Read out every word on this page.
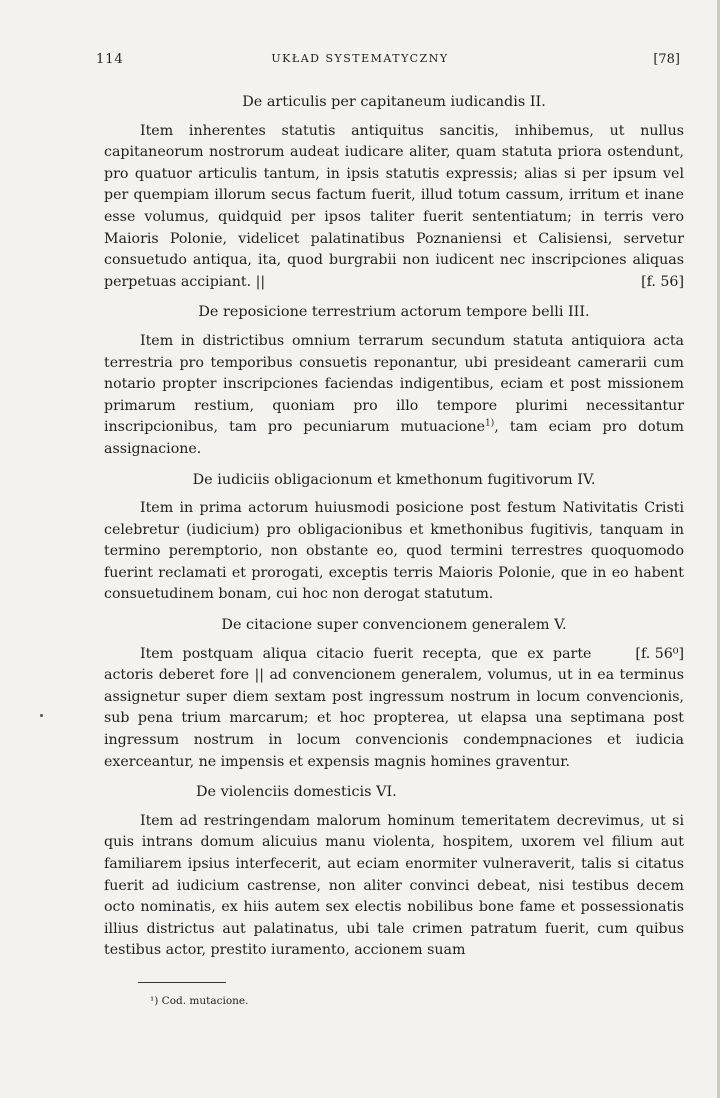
114	UKŁAD SYSTEMATYCZNY	[78]
De articulis per capitaneum iudicandis II.

Item inherentes statutis antiquitus sancitis, inhibemus, ut nullus capitaneorum nostrorum audeat iudicare aliter, quam statuta priora ostendunt, pro quatuor articulis tantum, in ipsis statutis expressis; alias si per ipsum vel per quempiam illorum secus factum fuerit, illud totum cassum, irritum et inane esse volumus, quidquid per ipsos taliter fuerit sententiatum; in terris vero Maioris Polonie, videlicet palatinatibus Poznaniensi et Calisiensi, servetur consuetudo antiqua, ita, quod burgrabii non iudicent nec inscripciones aliquas perpetuas accipiant. ||	[f. 56]

De reposicione terrestrium actorum tempore belli III.

Item in districtibus omnium terrarum secundum statuta antiquiora acta terrestria pro temporibus consuetis reponantur, ubi presideant camerarii cum notario propter inscripciones faciendas indigentibus, eciam et post missionem primarum restium, quoniam pro illo tempore plurimi necessitantur inscripcionibus, tam pro pecuniarum mutuacione$^{1)}$, tam eciam pro dotum assignacione.

De iudiciis obligacionum et kmethonum fugitivorum IV.

Item in prima actorum huiusmodi posicione post festum Nativitatis Cristi celebretur (iudicium) pro obligacionibus et kmethonibus fugitivis, tanquam in termino peremptorio, non obstante eo, quod termini terrestres quoquomodo fuerint reclamati et prorogati, exceptis terris Maioris Polonie, que in eo habent consuetudinem bonam, cui hoc non derogat statutum.

De citacione super convencionem generalem V.

[f. 56⁰]
Item postquam aliqua citacio fuerit recepta, que ex parte actoris deberet fore || ad convencionem generalem, volumus, ut in ea terminus assignetur super diem sextam post ingressum nostrum in locum convencionis, sub pena trium marcarum; et hoc propterea, ut elapsa una septimana post ingressum nostrum in locum convencionis condempnaciones et iudicia exerceantur, ne impensis et expensis magnis homines graventur.

De violenciis domesticis VI.

Item ad restringendam malorum hominum temeritatem decrevimus, ut si quis intrans domum alicuius manu violenta, hospitem, uxorem vel filium aut familiarem ipsius interfecerit, aut eciam enormiter vulneraverit, talis si citatus fuerit ad iudicium castrense, non aliter convinci debeat, nisi testibus decem octo nominatis, ex hiis autem sex electis nobilibus bone fame et possessionatis illius districtus aut palatinatus, ubi tale crimen patratum fuerit, cum quibus testibus actor, prestito iuramento, accionem suam

¹) Cod. mutacione.
